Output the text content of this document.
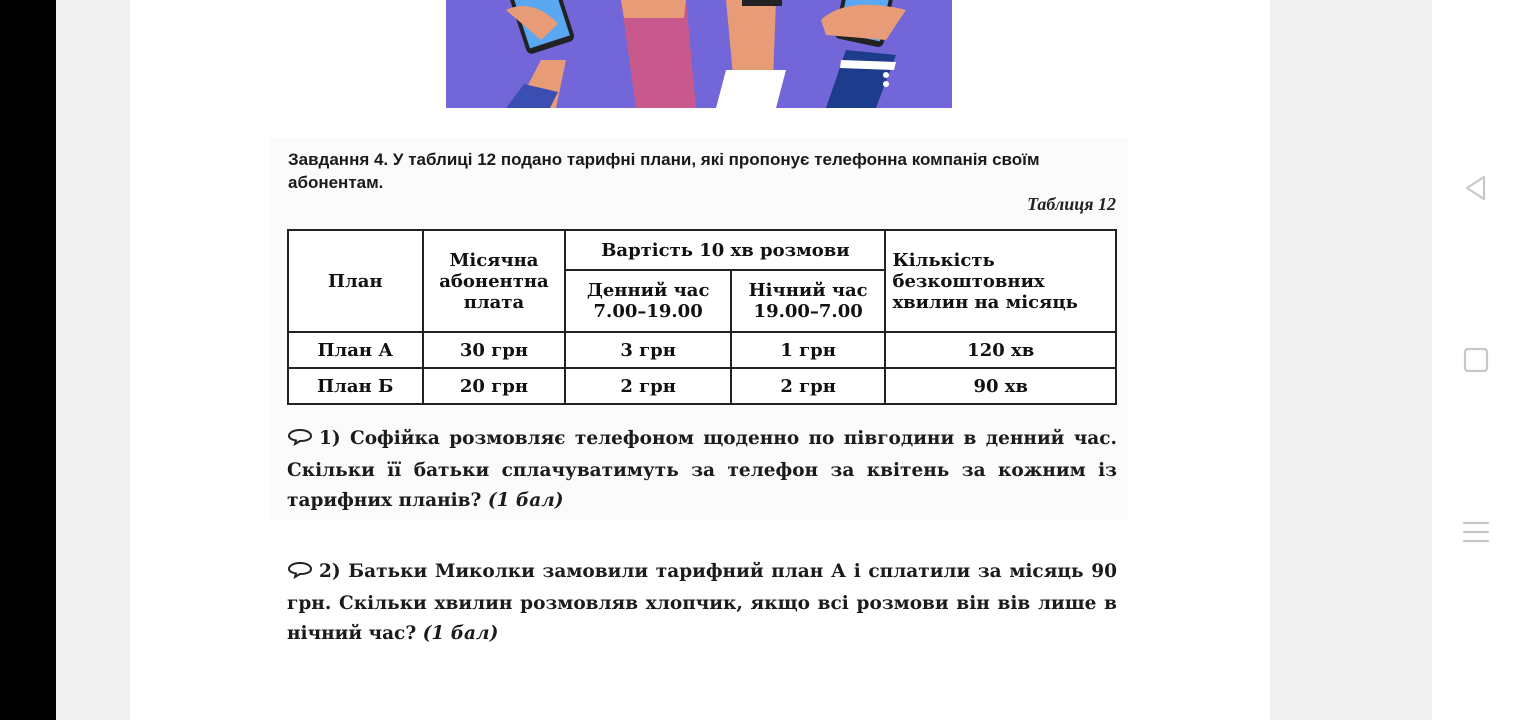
Завдання 4. У таблиці 12 подано тарифні плани, які пропонує телефонна компанія своїм абонентам.
Таблиця 12
План	Місячна абонентна плата	Вартість 10 хв розмови		Кількість безкоштовних хвилин на місяць
		Денний час 7.00–19.00	Нічний час 19.00–7.00	
План А	30 грн	3 грн	1 грн	120 хв
План Б	20 грн	2 грн	2 грн	90 хв
1) Софійка розмовляє телефоном щоденно по півгодини в денний час. Скільки її батьки сплачуватимуть за телефон за квітень за кожним із тарифних планів? (1 бал)
2) Батьки Миколки замовили тарифний план А і сплатили за місяць 90 грн. Скільки хвилин розмовляв хлопчик, якщо всі розмови він вів лише в нічний час? (1 бал)
